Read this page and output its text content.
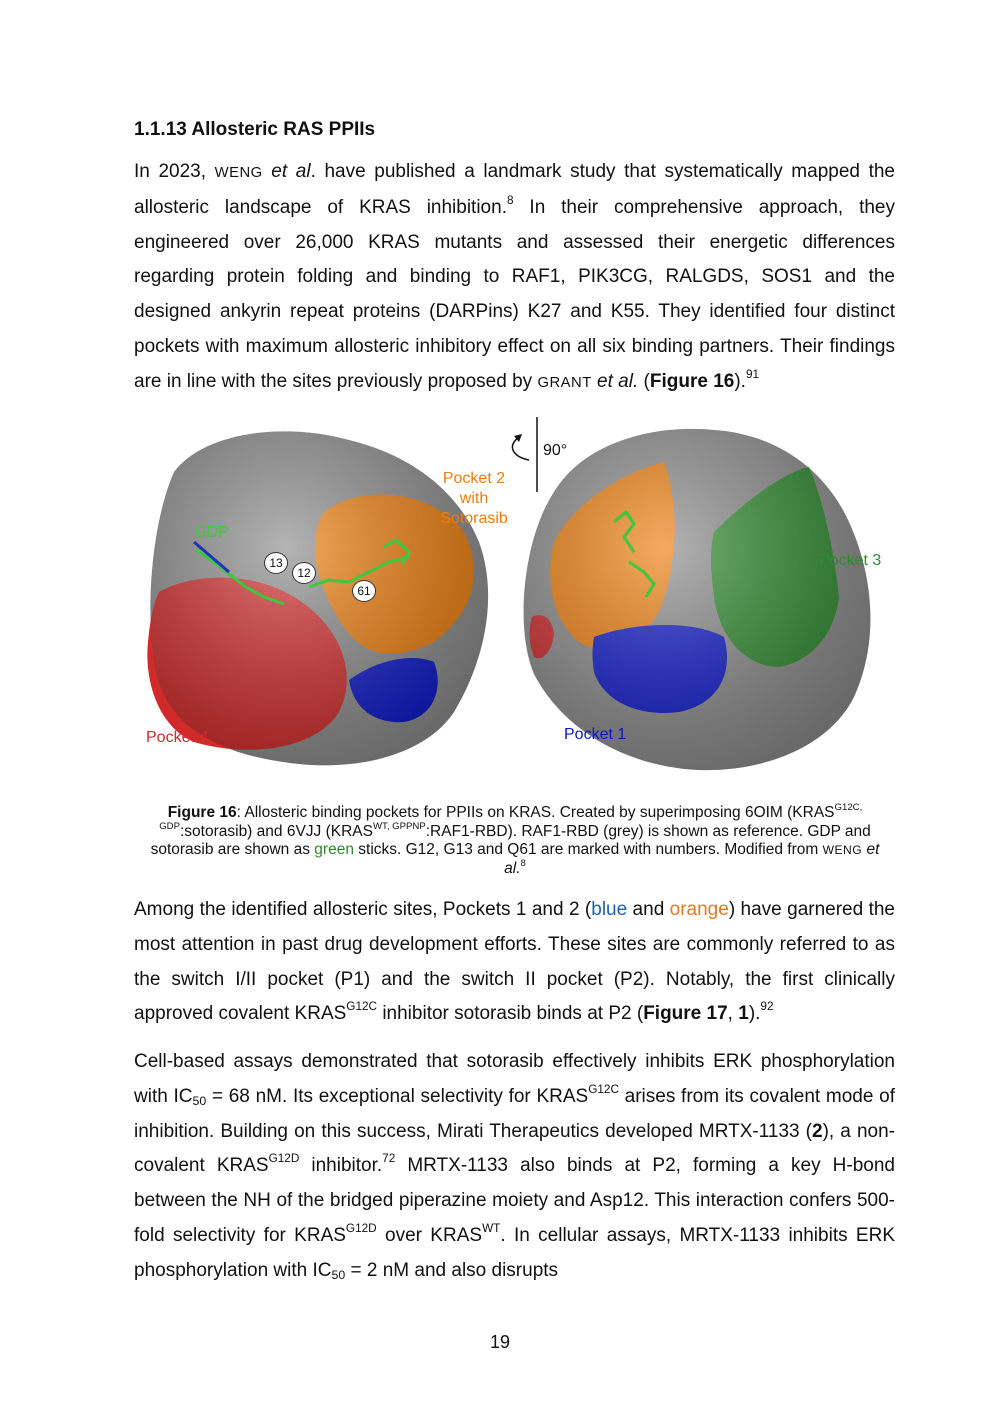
1.1.13 Allosteric RAS PPIIs

In 2023, WENG et al. have published a landmark study that systematically mapped the allosteric landscape of KRAS inhibition.$^8$ In their comprehensive approach, they engineered over 26,000 KRAS mutants and assessed their energetic differences regarding protein folding and binding to RAF1, PIK3CG, RALGDS, SOS1 and the designed ankyrin repeat proteins (DARPins) K27 and K55. They identified four distinct pockets with maximum allosteric inhibitory effect on all six binding partners. Their findings are in line with the sites previously proposed by GRANT et al. (Figure 16).$^{91}$

90°
GDP
Pocket 2
with
Sotorasib
Pocket 3
Pocket 4	Pocket 1
13
12
61

Figure 16: Allosteric binding pockets for PPIIs on KRAS. Created by superimposing 6OIM $(KRAS^{G12C, GDP}:sotorasib)$ and 6VJJ $(KRAS^{WT, GPPNP}:RAF1-RBD)$. RAF1-RBD (grey) is shown as reference. GDP and sotorasib are shown as green sticks. G12, G13 and Q61 are marked with numbers. Modified from WENG et al.$^8$

Among the identified allosteric sites, Pockets 1 and 2 (blue and orange) have garnered the most attention in past drug development efforts. These sites are commonly referred to as the switch I/II pocket (P1) and the switch II pocket (P2). Notably, the first clinically approved covalent $KRAS^{G12C}$ inhibitor sotorasib binds at P2 (Figure 17, 1).$^{92}$

Cell-based assays demonstrated that sotorasib effectively inhibits ERK phosphorylation with $IC_{50} = 68$ nM. Its exceptional selectivity for $KRAS^{G12C}$ arises from its covalent mode of inhibition. Building on this success, Mirati Therapeutics developed MRTX-1133 (2), a non-covalent $KRAS^{G12D}$ inhibitor.$^{72}$ MRTX-1133 also binds at P2, forming a key H-bond between the NH of the bridged piperazine moiety and Asp12. This interaction confers 500-fold selectivity for $KRAS^{G12D}$ over $KRAS^{WT}$. In cellular assays, MRTX-1133 inhibits ERK phosphorylation with $IC_{50} = 2$ nM and also disrupts

19
